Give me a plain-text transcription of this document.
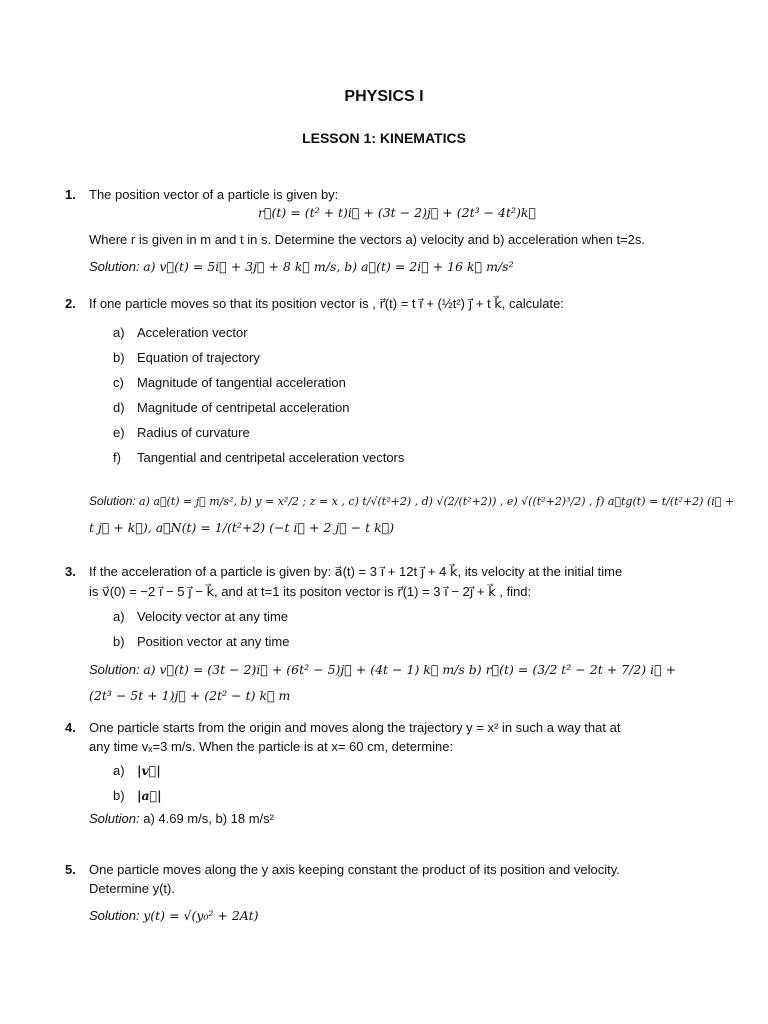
PHYSICS I
LESSON 1: KINEMATICS
1. The position vector of a particle is given by:
r⃗(t) = (t² + t)i⃗ + (3t − 2)j⃗ + (2t³ − 4t²)k⃗
Where r is given in m and t in s. Determine the vectors a) velocity and b) acceleration when t=2s.
Solution: a) v⃗(t) = 5i⃗ + 3j⃗ + 8 k⃗ m/s, b) a⃗(t) = 2i⃗ + 16 k⃗ m/s²
2. If one particle moves so that its position vector is , r⃗(t) = t i⃗ + (½t²) j⃗ + t k⃗, calculate:
a) Acceleration vector
b) Equation of trajectory
c) Magnitude of tangential acceleration
d) Magnitude of centripetal acceleration
e) Radius of curvature
f) Tangential and centripetal acceleration vectors
Solution: a) a⃗(t) = j⃗ m/s², b) y = x²/2 ; z = x , c) t/√(t²+2) , d) √(2/(t²+2)) , e) √((t²+2)³/2) , f) a⃗tg(t) = t/(t²+2) (i⃗ +
t j⃗ + k⃗), a⃗N(t) = 1/(t²+2) (−t i⃗ + 2 j⃗ − t k⃗)
3. If the acceleration of a particle is given by: a⃗(t) = 3 i⃗ + 12t j⃗ + 4 k⃗, its velocity at the initial time
is v⃗(0) = −2 i⃗ − 5 j⃗ − k⃗, and at t=1 its positon vector is r⃗(1) = 3 i⃗ − 2j⃗ + k⃗ , find:
a) Velocity vector at any time
b) Position vector at any time
Solution: a) v⃗(t) = (3t − 2)i⃗ + (6t² − 5)j⃗ + (4t − 1) k⃗ m/s b) r⃗(t) = (3/2 t² − 2t + 7/2) i⃗ +
(2t³ − 5t + 1)j⃗ + (2t² − t) k⃗ m
4. One particle starts from the origin and moves along the trajectory y = x² in such a way that at
any time vₓ=3 m/s. When the particle is at x= 60 cm, determine:
a) |v⃗|
b) |a⃗|
Solution: a) 4.69 m/s, b) 18 m/s²
5. One particle moves along the y axis keeping constant the product of its position and velocity.
Determine y(t).
Solution: y(t) = √(y₀² + 2At)
